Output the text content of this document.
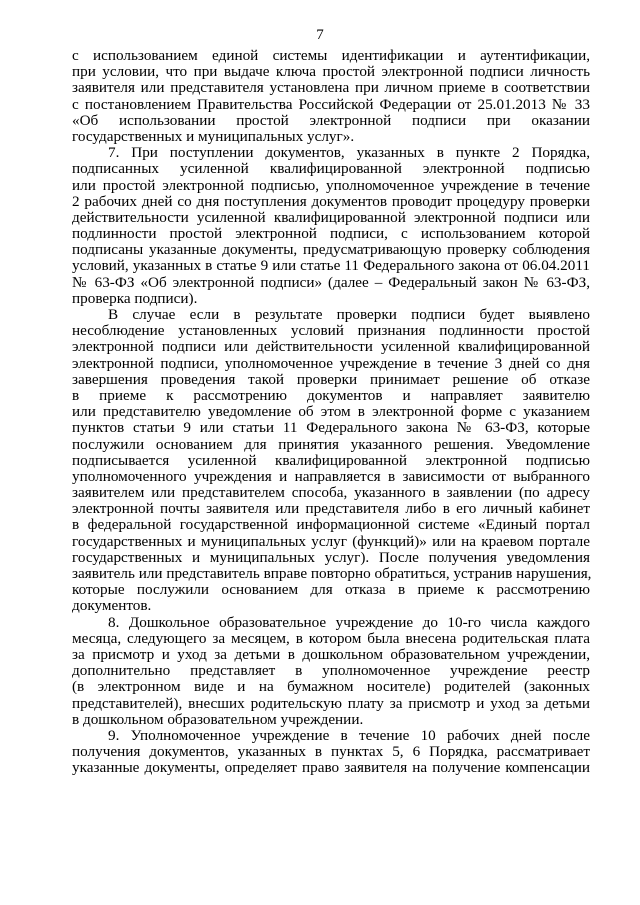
7
с использованием единой системы идентификации и аутентификации,
при условии, что при выдаче ключа простой электронной подписи личность
заявителя или представителя установлена при личном приеме в соответствии
с постановлением Правительства Российской Федерации от 25.01.2013 № 33
«Об использовании простой электронной подписи при оказании
государственных и муниципальных услуг».
7. При поступлении документов, указанных в пункте 2 Порядка,
подписанных усиленной квалифицированной электронной подписью
или простой электронной подписью, уполномоченное учреждение в течение
2 рабочих дней со дня поступления документов проводит процедуру проверки
действительности усиленной квалифицированной электронной подписи или
подлинности простой электронной подписи, с использованием которой
подписаны указанные документы, предусматривающую проверку соблюдения
условий, указанных в статье 9 или статье 11 Федерального закона от 06.04.2011
№ 63-ФЗ «Об электронной подписи» (далее – Федеральный закон № 63-ФЗ,
проверка подписи).
В случае если в результате проверки подписи будет выявлено
несоблюдение установленных условий признания подлинности простой
электронной подписи или действительности усиленной квалифицированной
электронной подписи, уполномоченное учреждение в течение 3 дней со дня
завершения проведения такой проверки принимает решение об отказе
в приеме к рассмотрению документов и направляет заявителю
или представителю уведомление об этом в электронной форме с указанием
пунктов статьи 9 или статьи 11 Федерального закона № 63-ФЗ, которые
послужили основанием для принятия указанного решения. Уведомление
подписывается усиленной квалифицированной электронной подписью
уполномоченного учреждения и направляется в зависимости от выбранного
заявителем или представителем способа, указанного в заявлении (по адресу
электронной почты заявителя или представителя либо в его личный кабинет
в федеральной государственной информационной системе «Единый портал
государственных и муниципальных услуг (функций)» или на краевом портале
государственных и муниципальных услуг). После получения уведомления
заявитель или представитель вправе повторно обратиться, устранив нарушения,
которые послужили основанием для отказа в приеме к рассмотрению
документов.
8. Дошкольное образовательное учреждение до 10-го числа каждого
месяца, следующего за месяцем, в котором была внесена родительская плата
за присмотр и уход за детьми в дошкольном образовательном учреждении,
дополнительно представляет в уполномоченное учреждение реестр
(в электронном виде и на бумажном носителе) родителей (законных
представителей), внесших родительскую плату за присмотр и уход за детьми
в дошкольном образовательном учреждении.
9. Уполномоченное учреждение в течение 10 рабочих дней после
получения документов, указанных в пунктах 5, 6 Порядка, рассматривает
указанные документы, определяет право заявителя на получение компенсации
